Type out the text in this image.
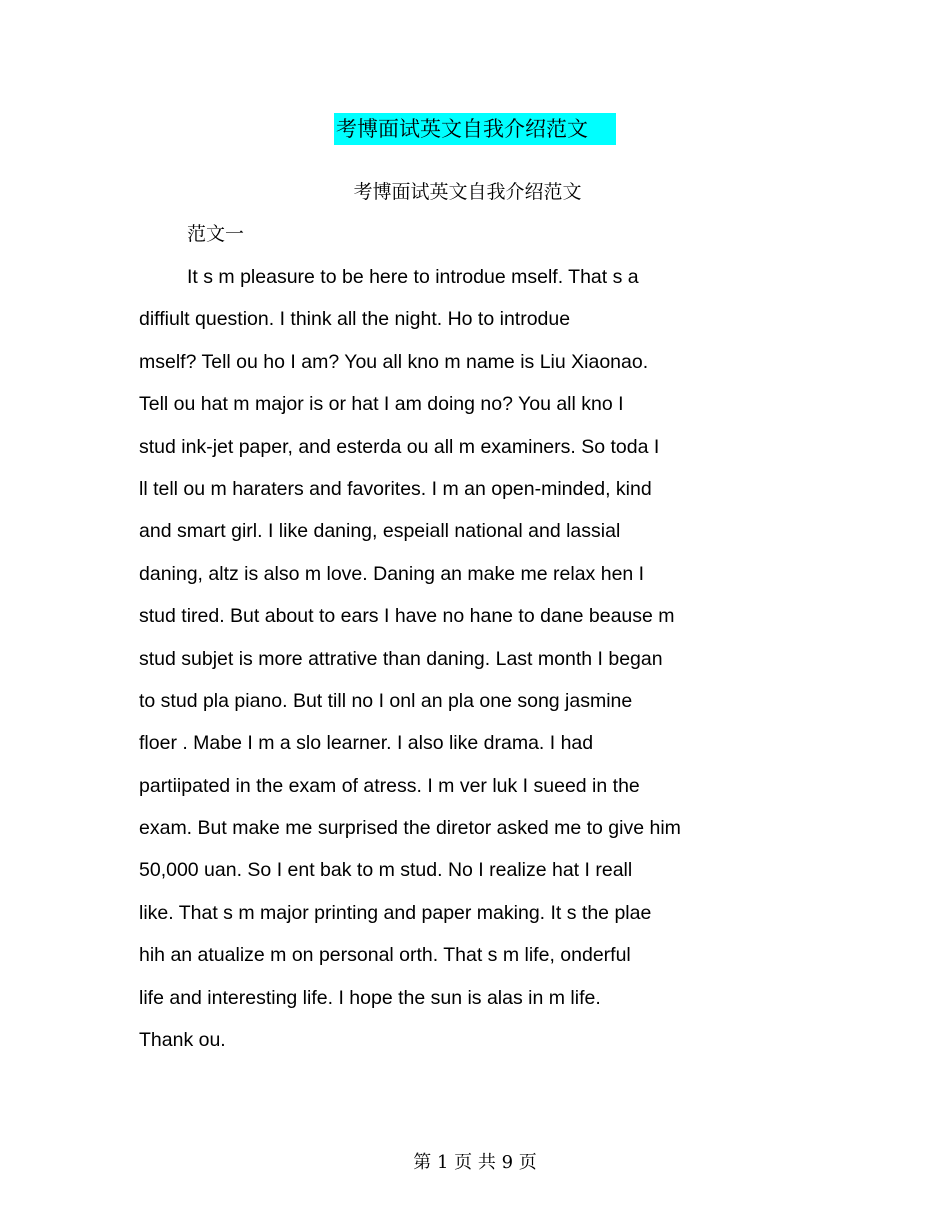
考博面试英文自我介绍范文
考博面试英文自我介绍范文
范文一
It s m pleasure to be here to introdue mself. That s a
diffiult question. I think all the night. Ho to introdue
mself? Tell ou ho I am? You all kno m name is Liu Xiaonao.
Tell ou hat m major is or hat I am doing no? You all kno I
stud ink-jet paper, and esterda ou all m examiners. So toda I
ll tell ou m haraters and favorites. I m an open-minded, kind
and smart girl. I like daning, espeiall national and lassial
daning, altz is also m love. Daning an make me relax hen I
stud tired. But about to ears I have no hane to dane beause m
stud subjet is more attrative than daning. Last month I began
to stud pla piano. But till no I onl an pla one song jasmine
floer . Mabe I m a slo learner. I also like drama. I had
partiipated in the exam of atress. I m ver luk I sueed in the
exam. But make me surprised the diretor asked me to give him
50,000 uan. So I ent bak to m stud. No I realize hat I reall
like. That s m major printing and paper making. It s the plae
hih an atualize m on personal orth. That s m life, onderful
life and interesting life. I hope the sun is alas in m life.
Thank ou.
第 1 页 共 9 页
